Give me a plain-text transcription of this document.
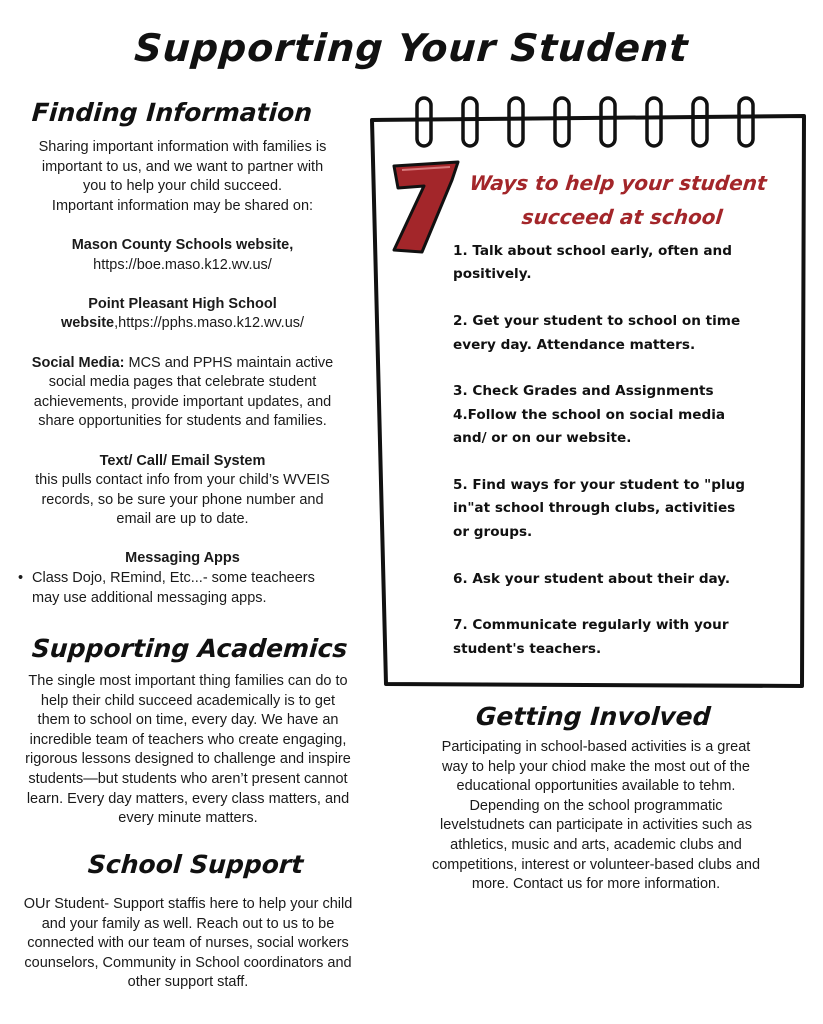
Supporting Your Student
Finding Information

Sharing important information with families is

important to us, and we want to partner with

you to help your child succeed.

Important information may be shared on:

Mason County Schools website,

https://boe.maso.k12.wv.us/

Point Pleasant High School

website,https://pphs.maso.k12.wv.us/

Social Media: MCS and PPHS maintain active

social media pages that celebrate student

achievements, provide important updates, and

share opportunities for students and families.

Text/ Call/ Email System

this pulls contact info from your child’s WVEIS

records, so be sure your phone number and

email are up to date.

Messaging Apps

• Class Dojo, REmind, Etc...- some teacheers

may use additional messaging apps.

Supporting Academics

The single most important thing families can do to

help their child succeed academically is to get

them to school on time, every day. We have an

incredible team of teachers who create engaging,

rigorous lessons designed to challenge and inspire

students—but students who aren’t present cannot

learn. Every day matters, every class matters, and

every minute matters.

School Support

OUr Student- Support staffis here to help your child

and your family as well. Reach out to us to be

connected with our team of nurses, social workers

counselors, Community in School coordinators and

other support staff.

Ways to help your student
succeed at school

1. Talk about school early, often and

positively.

2. Get your student to school on time

every day. Attendance matters.

3. Check Grades and Assignments

4.Follow the school on social media

and/ or on our website.

5. Find ways for your student to "plug

in"at school through clubs, activities

or groups.

6. Ask your student about their day.

7. Communicate regularly with your

student's teachers.

Getting Involved

Participating in school-based activities is a great

way to help your chiod make the most out of the

educational opportunities available to tehm.

Depending on the school programmatic

levelstudnets can participate in activities such as

athletics, music and arts, academic clubs and

competitions, interest or volunteer-based clubs and

more. Contact us for more information.
